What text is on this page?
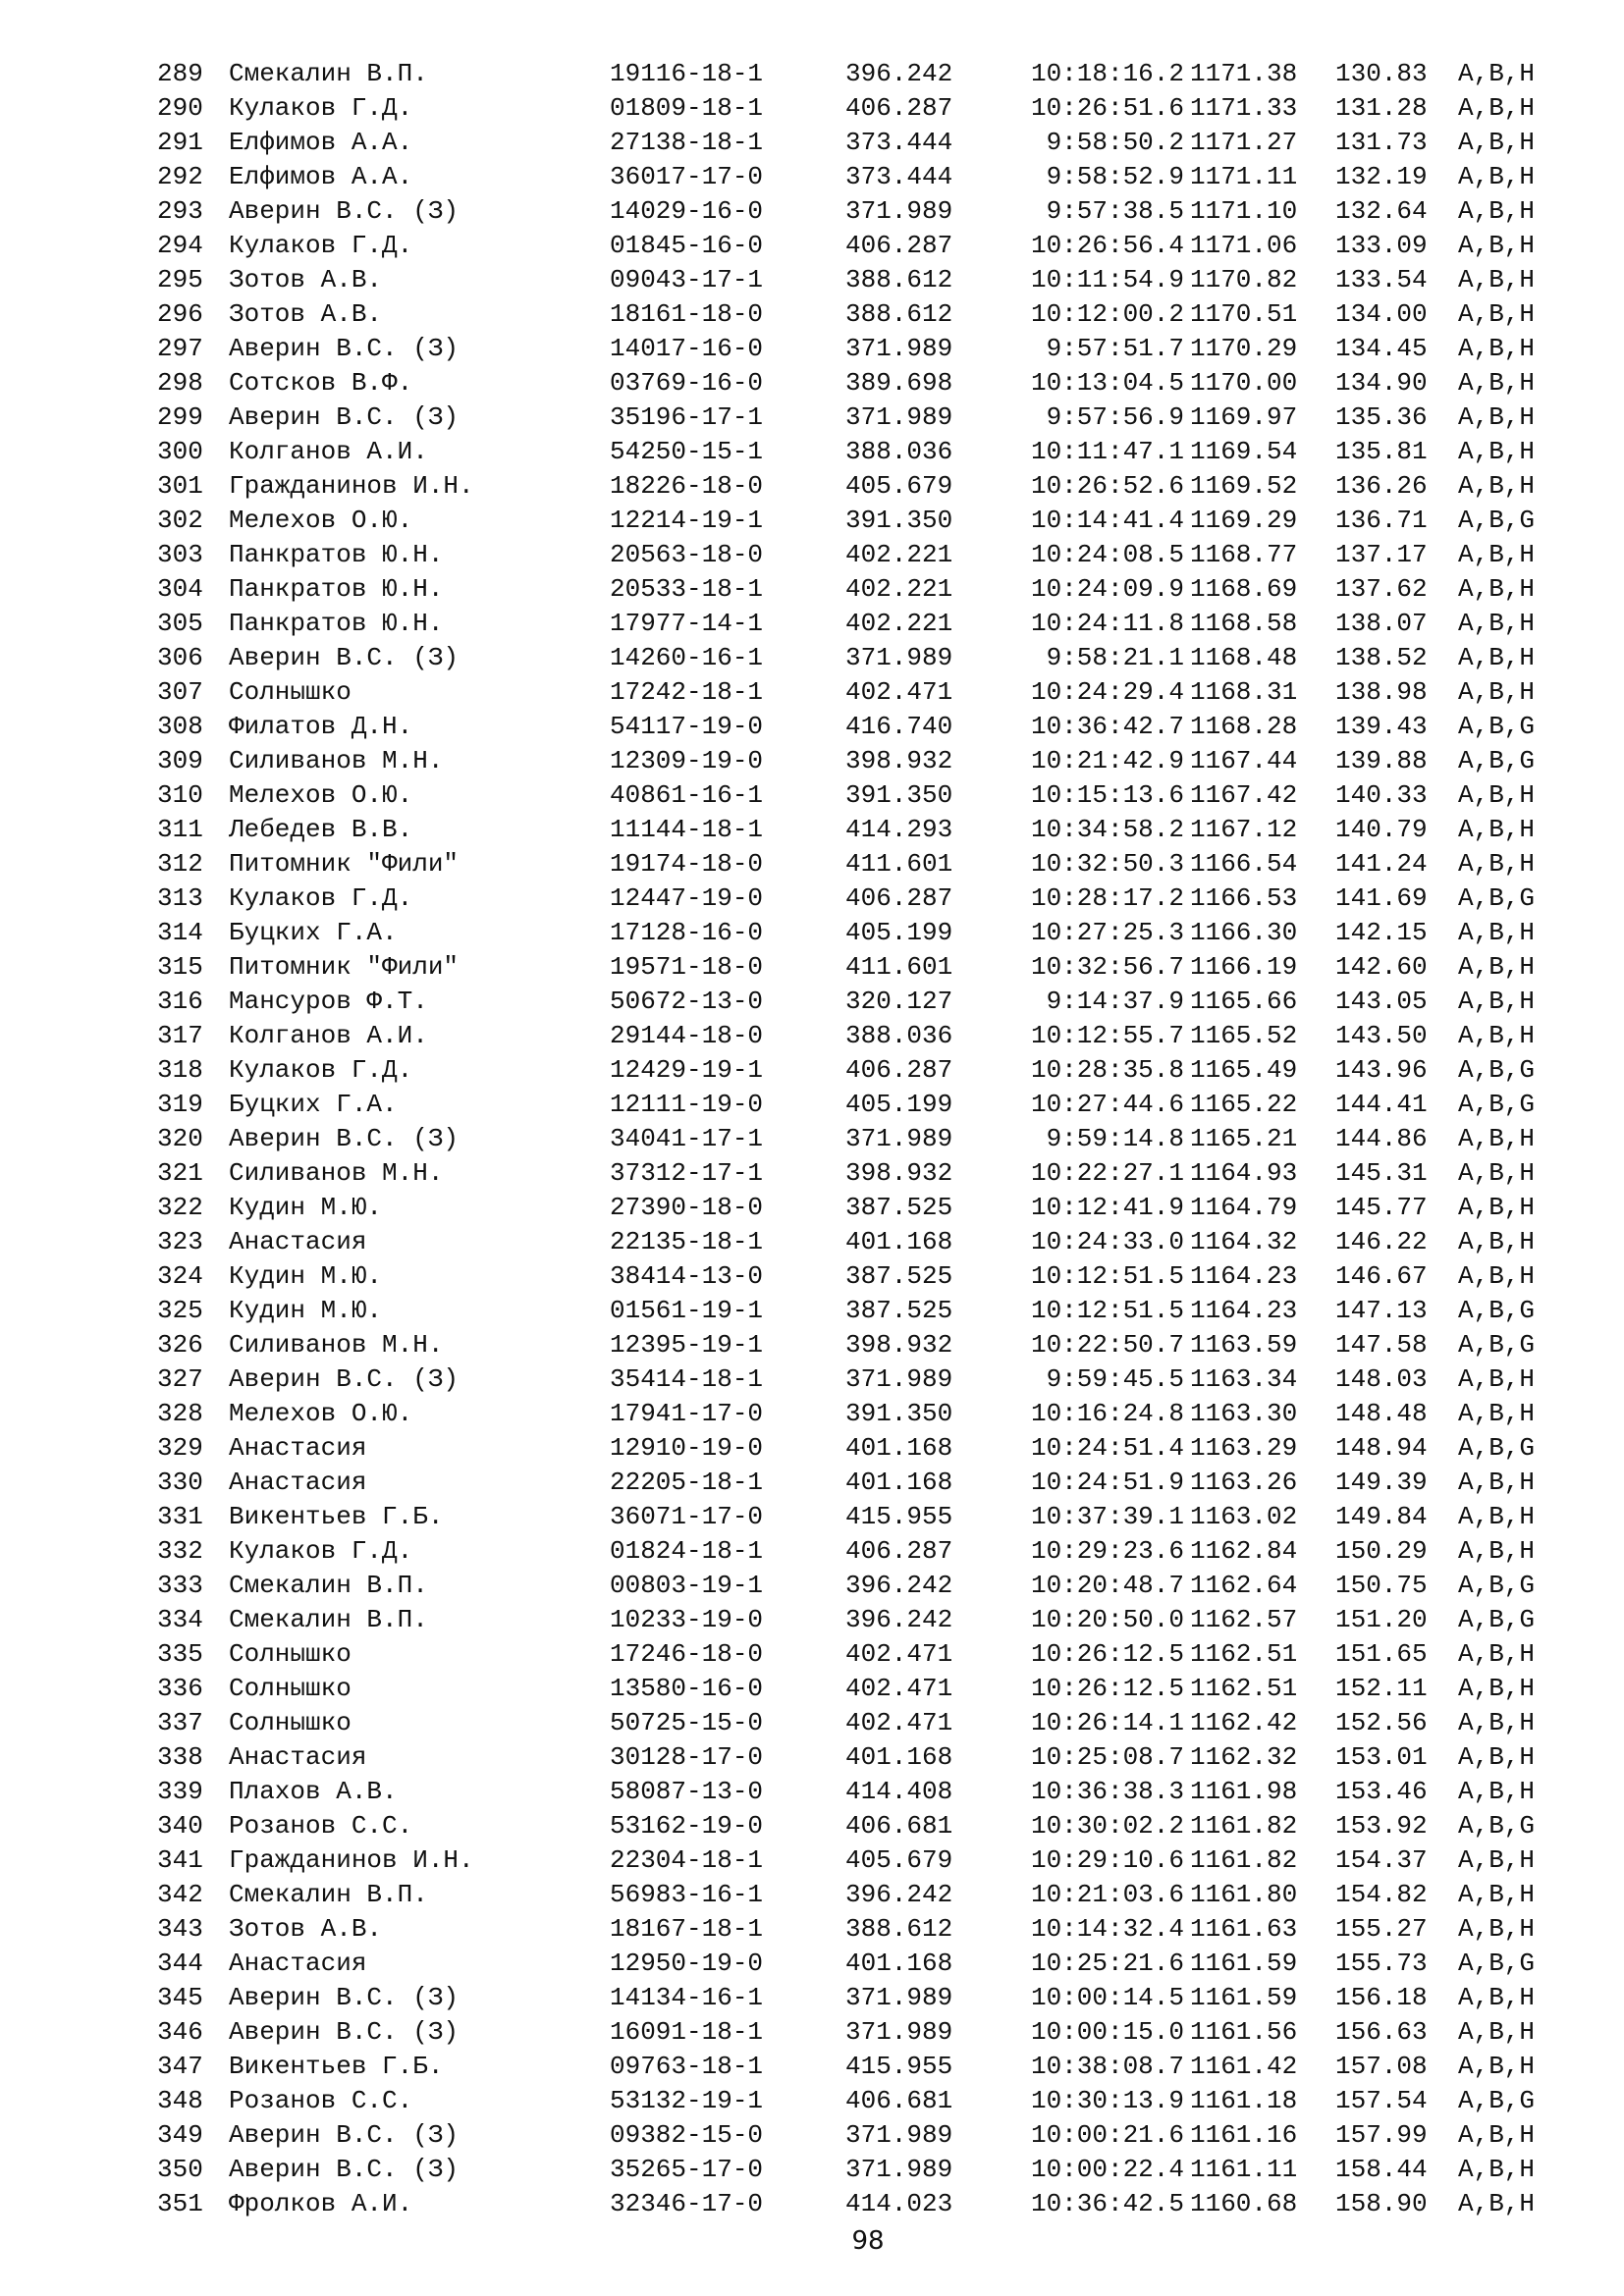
289 Смекалин В.П.	19116-18-1	396.242	10:18:16.2 1171.38 130.83 A,B,H
290 Кулаков Г.Д.	01809-18-1	406.287	10:26:51.6 1171.33 131.28 A,B,H
291 Елфимов А.А.	27138-18-1	373.444	9:58:50.2 1171.27 131.73 A,B,H
292 Елфимов А.А.	36017-17-0	373.444	9:58:52.9 1171.11 132.19 A,B,H
293 Аверин В.С. (З)	14029-16-0	371.989	9:57:38.5 1171.10 132.64 A,B,H
294 Кулаков Г.Д.	01845-16-0	406.287	10:26:56.4 1171.06 133.09 A,B,H
295 Зотов А.В.	09043-17-1	388.612	10:11:54.9 1170.82 133.54 A,B,H
296 Зотов А.В.	18161-18-0	388.612	10:12:00.2 1170.51 134.00 A,B,H
297 Аверин В.С. (З)	14017-16-0	371.989	9:57:51.7 1170.29 134.45 A,B,H
298 Сотсков В.Ф.	03769-16-0	389.698	10:13:04.5 1170.00 134.90 A,B,H
299 Аверин В.С. (З)	35196-17-1	371.989	9:57:56.9 1169.97 135.36 A,B,H
300 Колганов А.И.	54250-15-1	388.036	10:11:47.1 1169.54 135.81 A,B,H
301 Гражданинов И.Н.	18226-18-0	405.679	10:26:52.6 1169.52 136.26 A,B,H
302 Мелехов О.Ю.	12214-19-1	391.350	10:14:41.4 1169.29 136.71 A,B,G
303 Панкратов Ю.Н.	20563-18-0	402.221	10:24:08.5 1168.77 137.17 A,B,H
304 Панкратов Ю.Н.	20533-18-1	402.221	10:24:09.9 1168.69 137.62 A,B,H
305 Панкратов Ю.Н.	17977-14-1	402.221	10:24:11.8 1168.58 138.07 A,B,H
306 Аверин В.С. (З)	14260-16-1	371.989	9:58:21.1 1168.48 138.52 A,B,H
307 Солнышко	17242-18-1	402.471	10:24:29.4 1168.31 138.98 A,B,H
308 Филатов Д.Н.	54117-19-0	416.740	10:36:42.7 1168.28 139.43 A,B,G
309 Силиванов М.Н.	12309-19-0	398.932	10:21:42.9 1167.44 139.88 A,B,G
310 Мелехов О.Ю.	40861-16-1	391.350	10:15:13.6 1167.42 140.33 A,B,H
311 Лебедев В.В.	11144-18-1	414.293	10:34:58.2 1167.12 140.79 A,B,H
312 Питомник "Фили"	19174-18-0	411.601	10:32:50.3 1166.54 141.24 A,B,H
313 Кулаков Г.Д.	12447-19-0	406.287	10:28:17.2 1166.53 141.69 A,B,G
314 Буцких Г.А.	17128-16-0	405.199	10:27:25.3 1166.30 142.15 A,B,H
315 Питомник "Фили"	19571-18-0	411.601	10:32:56.7 1166.19 142.60 A,B,H
316 Мансуров Ф.Т.	50672-13-0	320.127	9:14:37.9 1165.66 143.05 A,B,H
317 Колганов А.И.	29144-18-0	388.036	10:12:55.7 1165.52 143.50 A,B,H
318 Кулаков Г.Д.	12429-19-1	406.287	10:28:35.8 1165.49 143.96 A,B,G
319 Буцких Г.А.	12111-19-0	405.199	10:27:44.6 1165.22 144.41 A,B,G
320 Аверин В.С. (З)	34041-17-1	371.989	9:59:14.8 1165.21 144.86 A,B,H
321 Силиванов М.Н.	37312-17-1	398.932	10:22:27.1 1164.93 145.31 A,B,H
322 Кудин М.Ю.	27390-18-0	387.525	10:12:41.9 1164.79 145.77 A,B,H
323 Анастасия	22135-18-1	401.168	10:24:33.0 1164.32 146.22 A,B,H
324 Кудин М.Ю.	38414-13-0	387.525	10:12:51.5 1164.23 146.67 A,B,H
325 Кудин М.Ю.	01561-19-1	387.525	10:12:51.5 1164.23 147.13 A,B,G
326 Силиванов М.Н.	12395-19-1	398.932	10:22:50.7 1163.59 147.58 A,B,G
327 Аверин В.С. (З)	35414-18-1	371.989	9:59:45.5 1163.34 148.03 A,B,H
328 Мелехов О.Ю.	17941-17-0	391.350	10:16:24.8 1163.30 148.48 A,B,H
329 Анастасия	12910-19-0	401.168	10:24:51.4 1163.29 148.94 A,B,G
330 Анастасия	22205-18-1	401.168	10:24:51.9 1163.26 149.39 A,B,H
331 Викентьев Г.Б.	36071-17-0	415.955	10:37:39.1 1163.02 149.84 A,B,H
332 Кулаков Г.Д.	01824-18-1	406.287	10:29:23.6 1162.84 150.29 A,B,H
333 Смекалин В.П.	00803-19-1	396.242	10:20:48.7 1162.64 150.75 A,B,G
334 Смекалин В.П.	10233-19-0	396.242	10:20:50.0 1162.57 151.20 A,B,G
335 Солнышко	17246-18-0	402.471	10:26:12.5 1162.51 151.65 A,B,H
336 Солнышко	13580-16-0	402.471	10:26:12.5 1162.51 152.11 A,B,H
337 Солнышко	50725-15-0	402.471	10:26:14.1 1162.42 152.56 A,B,H
338 Анастасия	30128-17-0	401.168	10:25:08.7 1162.32 153.01 A,B,H
339 Плахов А.В.	58087-13-0	414.408	10:36:38.3 1161.98 153.46 A,B,H
340 Розанов С.С.	53162-19-0	406.681	10:30:02.2 1161.82 153.92 A,B,G
341 Гражданинов И.Н.	22304-18-1	405.679	10:29:10.6 1161.82 154.37 A,B,H
342 Смекалин В.П.	56983-16-1	396.242	10:21:03.6 1161.80 154.82 A,B,H
343 Зотов А.В.	18167-18-1	388.612	10:14:32.4 1161.63 155.27 A,B,H
344 Анастасия	12950-19-0	401.168	10:25:21.6 1161.59 155.73 A,B,G
345 Аверин В.С. (З)	14134-16-1	371.989	10:00:14.5 1161.59 156.18 A,B,H
346 Аверин В.С. (З)	16091-18-1	371.989	10:00:15.0 1161.56 156.63 A,B,H
347 Викентьев Г.Б.	09763-18-1	415.955	10:38:08.7 1161.42 157.08 A,B,H
348 Розанов С.С.	53132-19-1	406.681	10:30:13.9 1161.18 157.54 A,B,G
349 Аверин В.С. (З)	09382-15-0	371.989	10:00:21.6 1161.16 157.99 A,B,H
350 Аверин В.С. (З)	35265-17-0	371.989	10:00:22.4 1161.11 158.44 A,B,H
351 Фролков А.И.	32346-17-0	414.023	10:36:42.5 1160.68 158.90 A,B,H
98
